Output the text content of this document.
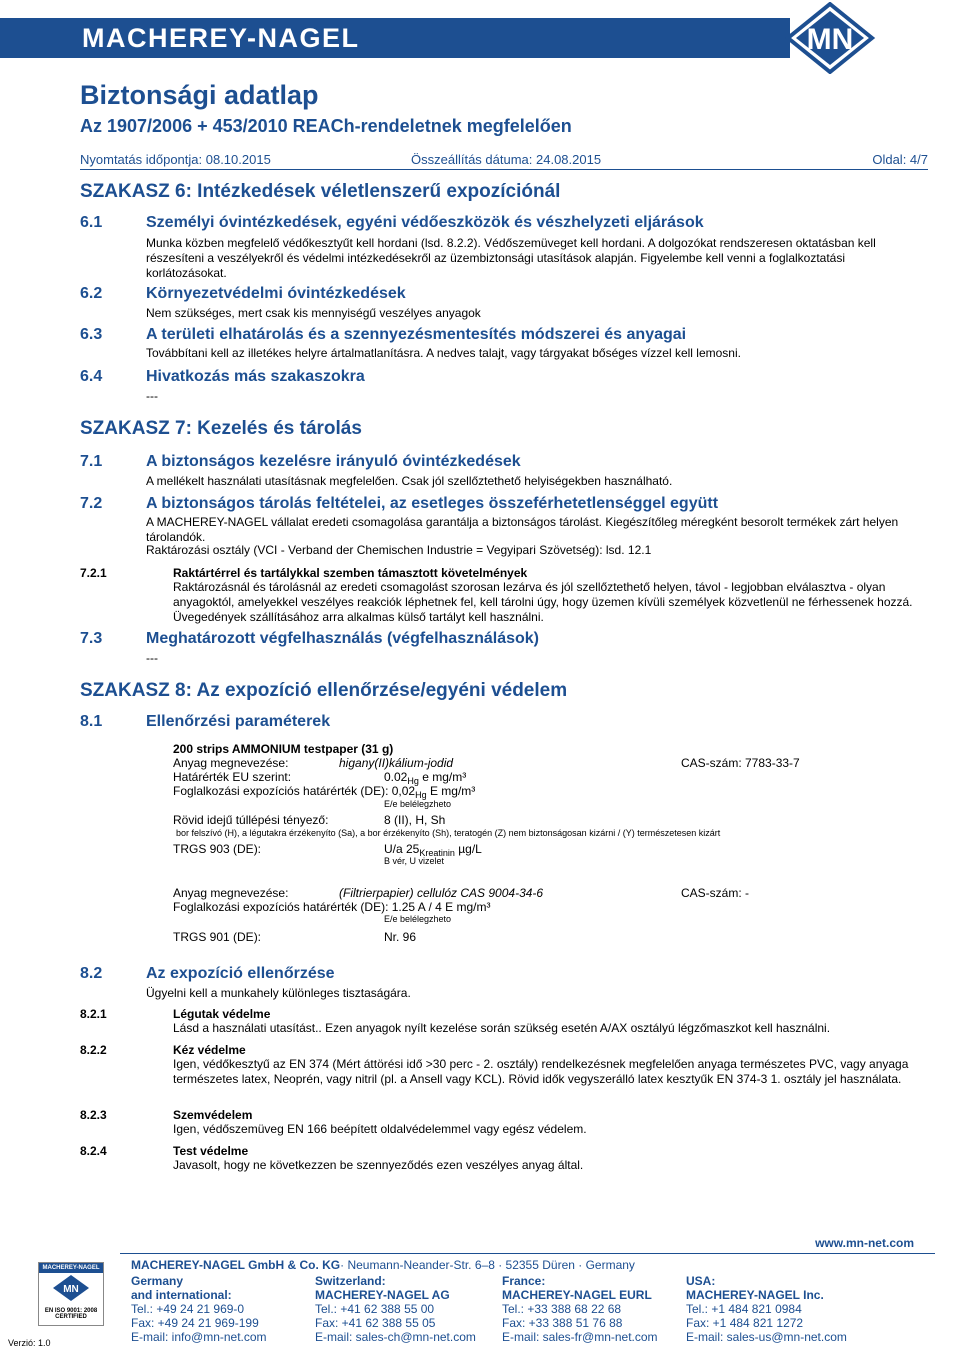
MACHEREY-NAGEL	MN
Biztonsági adatlap
Az 1907/2006 + 453/2010 REACh-rendeletnek megfelelően
Nyomtatás időpontja: 08.10.2015	Összeállítás dátuma: 24.08.2015	Oldal: 4/7
SZAKASZ 6: Intézkedések véletlenszerű expozíciónál
6.1	Személyi óvintézkedések, egyéni védőeszközök és vészhelyzeti eljárások
Munka közben megfelelő védőkesztyűt kell hordani (lsd. 8.2.2). Védőszemüveget kell hordani. A dolgozókat rendszeresen oktatásban kell részesíteni a veszélyekről és védelmi intézkedésekről az üzembiztonsági utasítások alapján. Figyelembe kell venni a foglalkoztatási korlátozásokat.
6.2	Környezetvédelmi óvintézkedések
Nem szükséges, mert csak kis mennyiségű veszélyes anyagok
6.3	A területi elhatárolás és a szennyezésmentesítés módszerei és anyagai
Továbbítani kell az illetékes helyre ártalmatlanításra. A nedves talajt, vagy tárgyakat bőséges vízzel kell lemosni.
6.4	Hivatkozás más szakaszokra
---
SZAKASZ 7: Kezelés és tárolás
7.1	A biztonságos kezelésre irányuló óvintézkedések
A mellékelt használati utasításnak megfelelően. Csak jól szellőztethető helyiségekben használható.
7.2	A biztonságos tárolás feltételei, az esetleges összeférhetetlenséggel együtt
A MACHEREY-NAGEL vállalat eredeti csomagolása garantálja a biztonságos tárolást. Kiegészítőleg méregként besorolt termékek zárt helyen tárolandók.
Raktározási osztály (VCI - Verband der Chemischen Industrie = Vegyipari Szövetség): lsd. 12.1
7.2.1	Raktártérrel és tartálykkal szemben támasztott követelmények
Raktározásnál és tárolásnál az eredeti csomagolást szorosan lezárva és jól szellőztethető helyen, távol - legjobban elválasztva - olyan anyagoktól, amelyekkel veszélyes reakciók léphetnek fel, kell tárolni úgy, hogy üzemen kívüli személyek közvetlenül ne férhessenek hozzá. Üvegedények szállításához arra alkalmas külső tartályt kell használni.
7.3	Meghatározott végfelhasználás (végfelhasználások)
---
SZAKASZ 8: Az expozíció ellenőrzése/egyéni védelem
8.1	Ellenőrzési paraméterek
200 strips AMMONIUM testpaper (31 g)
Anyag megnevezése:	higany(II)kálium-jodid	CAS-szám: 7783-33-7
Határérték EU szerint:	$0.02_{Hg}$ e mg/m³
Foglalkozási expozíciós határérték (DE): $0,02_{Hg}$ E mg/m³
E/e belélegzheto
Rövid idejű túllépési tényező:	8 (II), H, Sh
bor felszívó (H), a légutakra érzékenyíto (Sa), a bor érzékenyíto (Sh), teratogén (Z) nem biztonságosan kizárni / (Y) természetesen kizárt
TRGS 903 (DE):	U/a $25_{Kreatinin}$ µg/L
B vér, U vizelet
Anyag megnevezése:	(Filtrierpapier) cellulóz CAS 9004-34-6	CAS-szám: -
Foglalkozási expozíciós határérték (DE): 1.25 A / 4 E mg/m³
E/e belélegzheto
TRGS 901 (DE):	Nr. 96
8.2	Az expozíció ellenőrzése
Ügyelni kell a munkahely különleges tisztaságára.
8.2.1	Légutak védelme
Lásd a használati utasítást.. Ezen anyagok nyílt kezelése során szükség esetén A/AX osztályú légzőmaszkot kell használni.
8.2.2	Kéz védelme
Igen, védőkesztyű az EN 374 (Mért áttörési idő >30 perc - 2. osztály) rendelkezésnek megfelelően anyaga természetes PVC, vagy anyaga természetes latex, Neoprén, vagy nitril (pl. a Ansell vagy KCL). Rövid idők vegyszerálló latex kesztyűk EN 374-3 1. osztály jel használata.
8.2.3	Szemvédelem
Igen, védőszemüveg EN 166 beépített oldalvédelemmel vagy egész védelem.
8.2.4	Test védelme
Javasolt, hogy ne következzen be szennyeződés ezen veszélyes anyag által.
www.mn-net.com
MACHEREY-NAGEL GmbH & Co. KG· Neumann-Neander-Str. 6–8 · 52355 Düren · Germany
MACHEREY-NAGEL
MN
EN ISO 9001: 2008
CERTIFIED
Verzió: 1.0
Germany
and international:
Tel.: +49 24 21 969-0
Fax: +49 24 21 969-199
E-mail: info@mn-net.com
Switzerland:
MACHEREY-NAGEL AG
Tel.: +41 62 388 55 00
Fax: +41 62 388 55 05
E-mail: sales-ch@mn-net.com
France:
MACHEREY-NAGEL EURL
Tel.: +33 388 68 22 68
Fax: +33 388 51 76 88
E-mail: sales-fr@mn-net.com
USA:
MACHEREY-NAGEL Inc.
Tel.: +1 484 821 0984
Fax: +1 484 821 1272
E-mail: sales-us@mn-net.com
